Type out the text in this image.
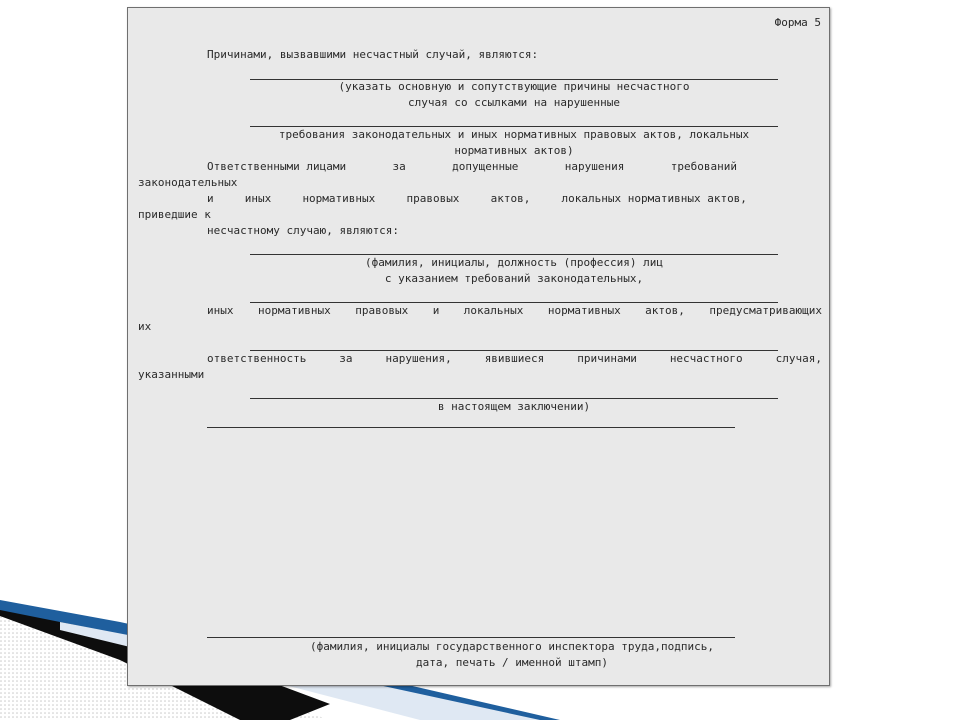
Форма 5

Причинами, вызвавшими несчастный случай, являются:

(указать основную и сопутствующие причины несчастного

случая со ссылками на нарушенные

требования законодательных и иных нормативных правовых актов, локальных

нормативных актов)

Ответственными лицами	за	допущенные	нарушения	требований

законодательных

и	иных	нормативных	правовых	актов,	локальных нормативных актов,

приведшие к

несчастному случаю, являются:

(фамилия, инициалы, должность (профессия) лиц

с указанием требований законодательных,

иных нормативных правовых и локальных нормативных актов, предусматривающих

их

ответственность	за	нарушения,	явившиеся	причинами	несчастного	случая,

указанными

в настоящем заключении)

(фамилия, инициалы государственного инспектора труда,подпись,

дата, печать / именной штамп)
